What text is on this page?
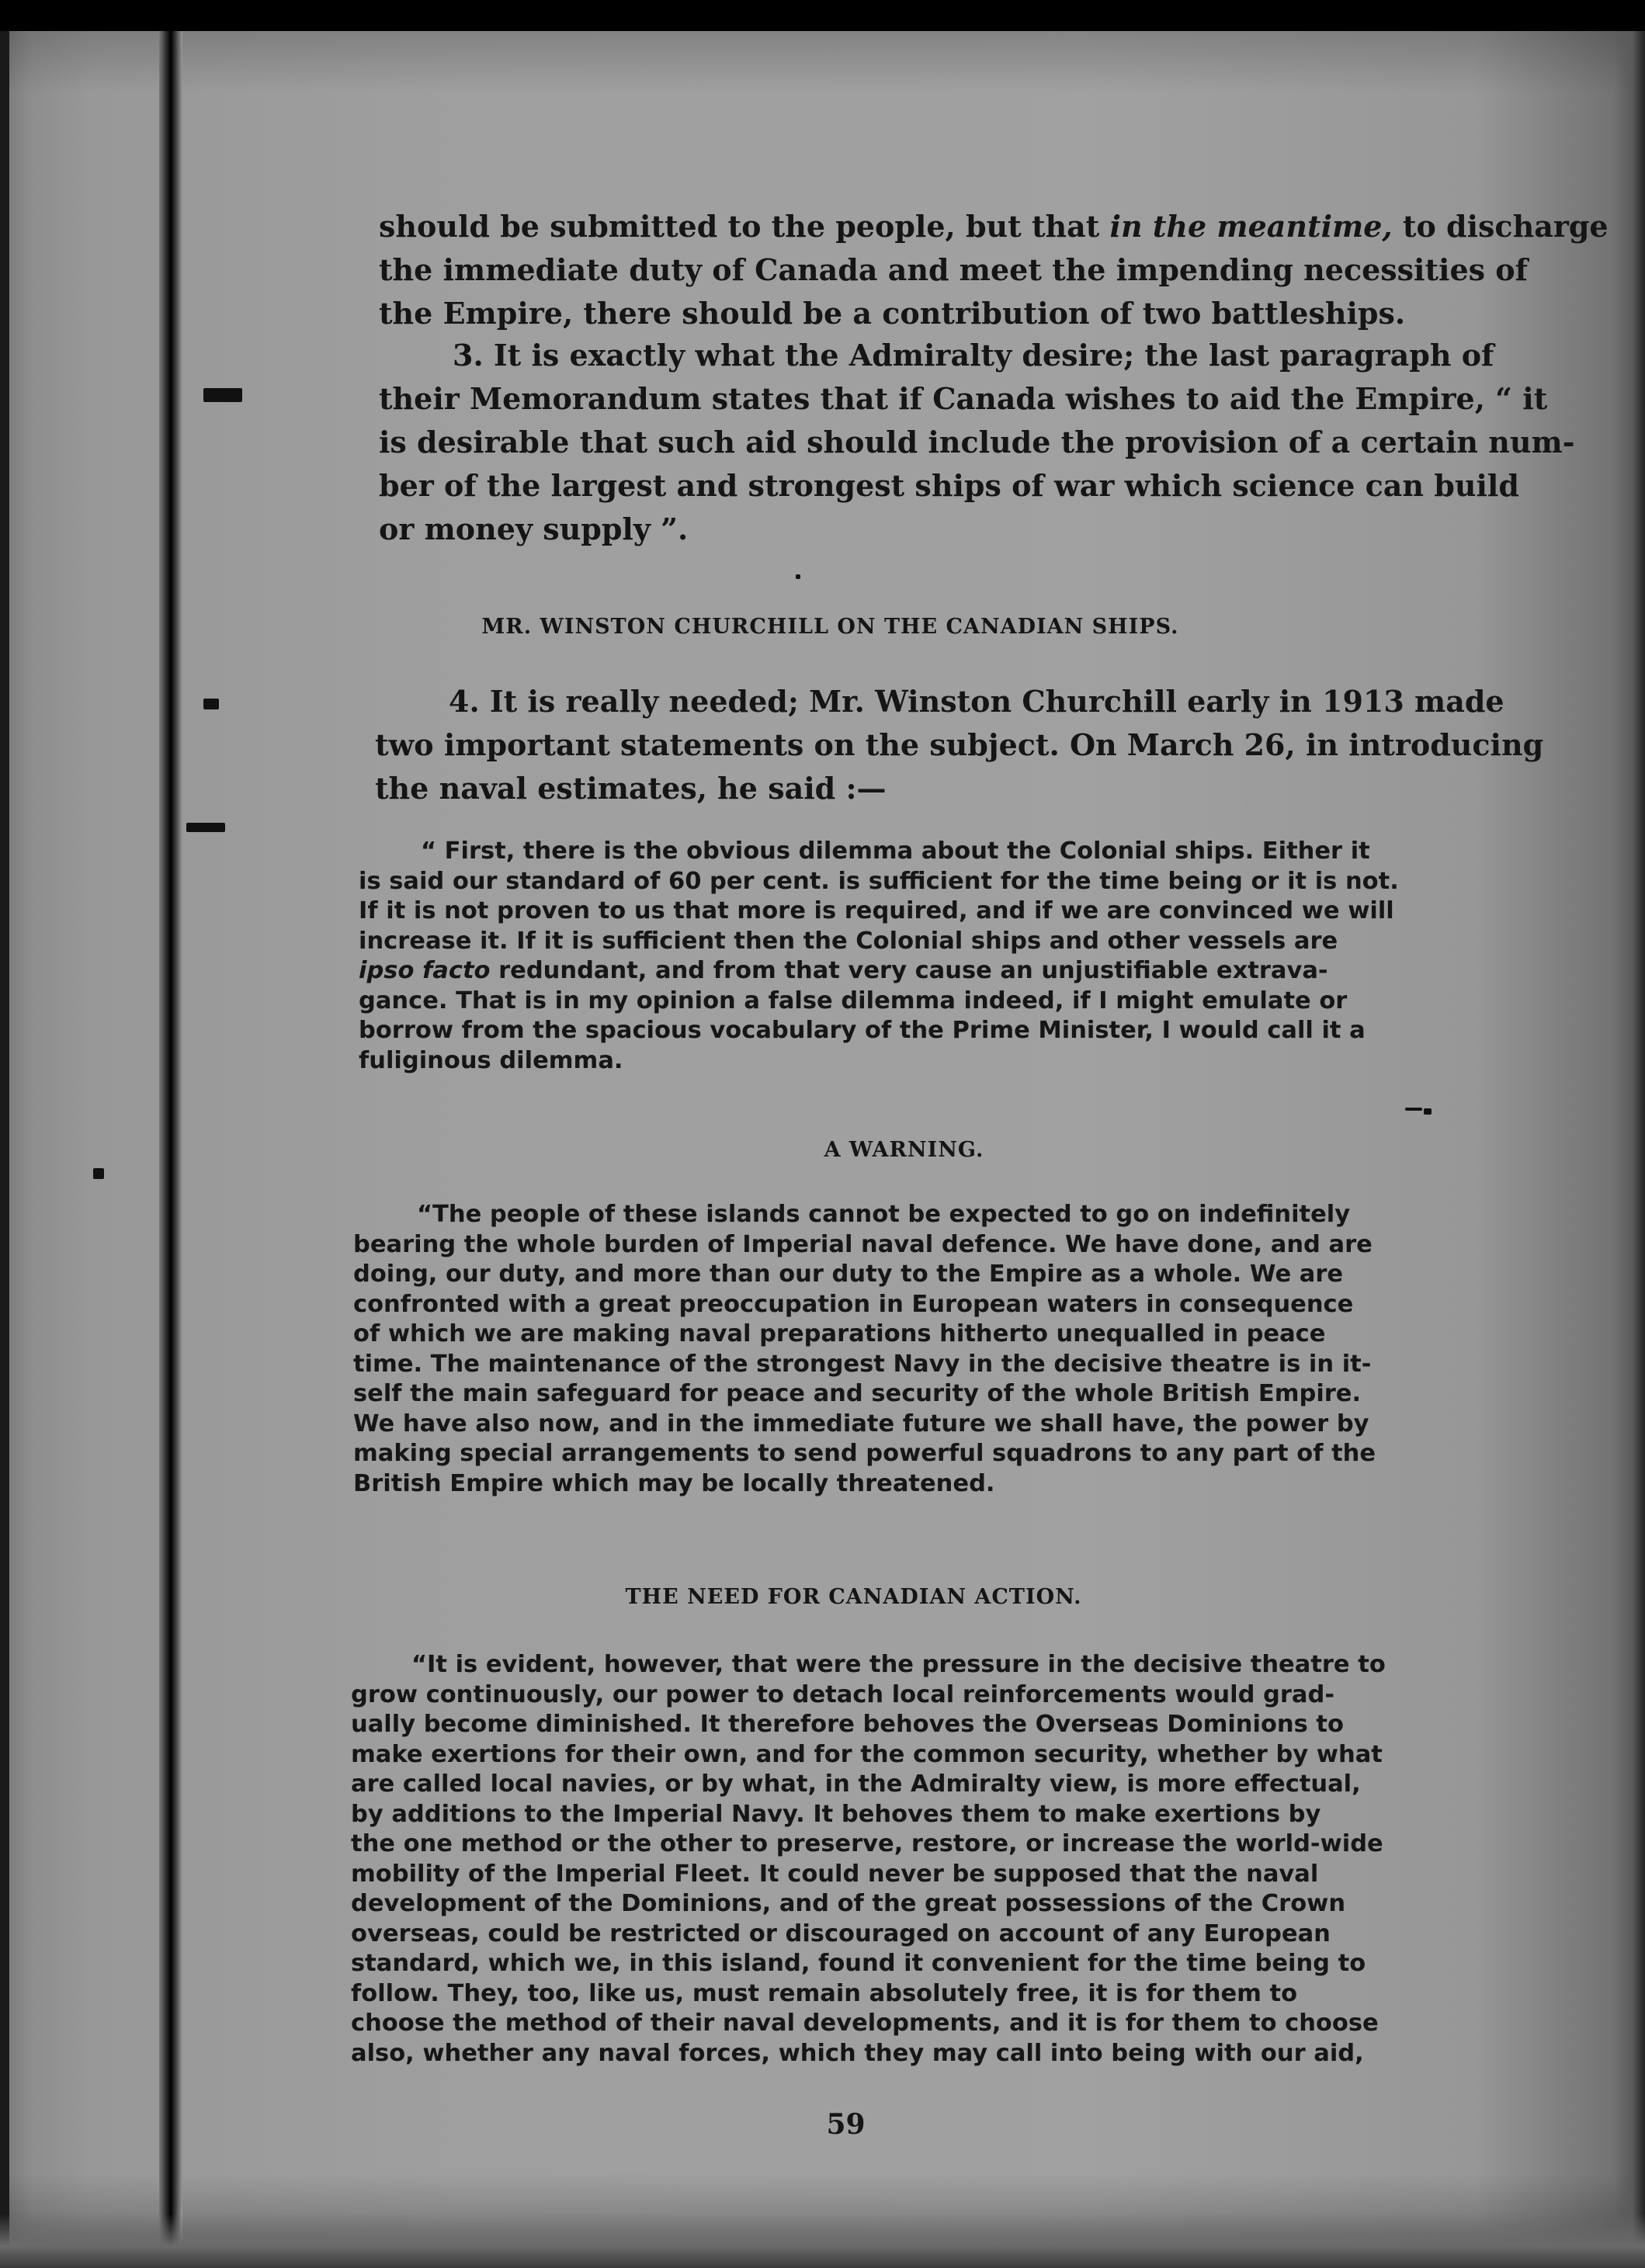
should be submitted to the people, but that in the meantime, to discharge
the immediate duty of Canada and meet the impending necessities of
the Empire, there should be a contribution of two battleships.

3. It is exactly what the Admiralty desire; the last paragraph of
their Memorandum states that if Canada wishes to aid the Empire, “ it
is desirable that such aid should include the provision of a certain num-
ber of the largest and strongest ships of war which science can build
or money supply ”.

MR. WINSTON CHURCHILL ON THE CANADIAN SHIPS.

4. It is really needed; Mr. Winston Churchill early in 1913 made
two important statements on the subject. On March 26, in introducing
the naval estimates, he said :—

“ First, there is the obvious dilemma about the Colonial ships. Either it
is said our standard of 60 per cent. is sufficient for the time being or it is not.
If it is not proven to us that more is required, and if we are convinced we will
increase it. If it is sufficient then the Colonial ships and other vessels are
ipso facto redundant, and from that very cause an unjustifiable extrava-
gance. That is in my opinion a false dilemma indeed, if I might emulate or
borrow from the spacious vocabulary of the Prime Minister, I would call it a
fuliginous dilemma.

A WARNING.

“The people of these islands cannot be expected to go on indefinitely
bearing the whole burden of Imperial naval defence. We have done, and are
doing, our duty, and more than our duty to the Empire as a whole. We are
confronted with a great preoccupation in European waters in consequence
of which we are making naval preparations hitherto unequalled in peace
time. The maintenance of the strongest Navy in the decisive theatre is in it-
self the main safeguard for peace and security of the whole British Empire.
We have also now, and in the immediate future we shall have, the power by
making special arrangements to send powerful squadrons to any part of the
British Empire which may be locally threatened.

THE NEED FOR CANADIAN ACTION.

“It is evident, however, that were the pressure in the decisive theatre to
grow continuously, our power to detach local reinforcements would grad-
ually become diminished. It therefore behoves the Overseas Dominions to
make exertions for their own, and for the common security, whether by what
are called local navies, or by what, in the Admiralty view, is more effectual,
by additions to the Imperial Navy. It behoves them to make exertions by
the one method or the other to preserve, restore, or increase the world-wide
mobility of the Imperial Fleet. It could never be supposed that the naval
development of the Dominions, and of the great possessions of the Crown
overseas, could be restricted or discouraged on account of any European
standard, which we, in this island, found it convenient for the time being to
follow. They, too, like us, must remain absolutely free, it is for them to
choose the method of their naval developments, and it is for them to choose
also, whether any naval forces, which they may call into being with our aid,

59
